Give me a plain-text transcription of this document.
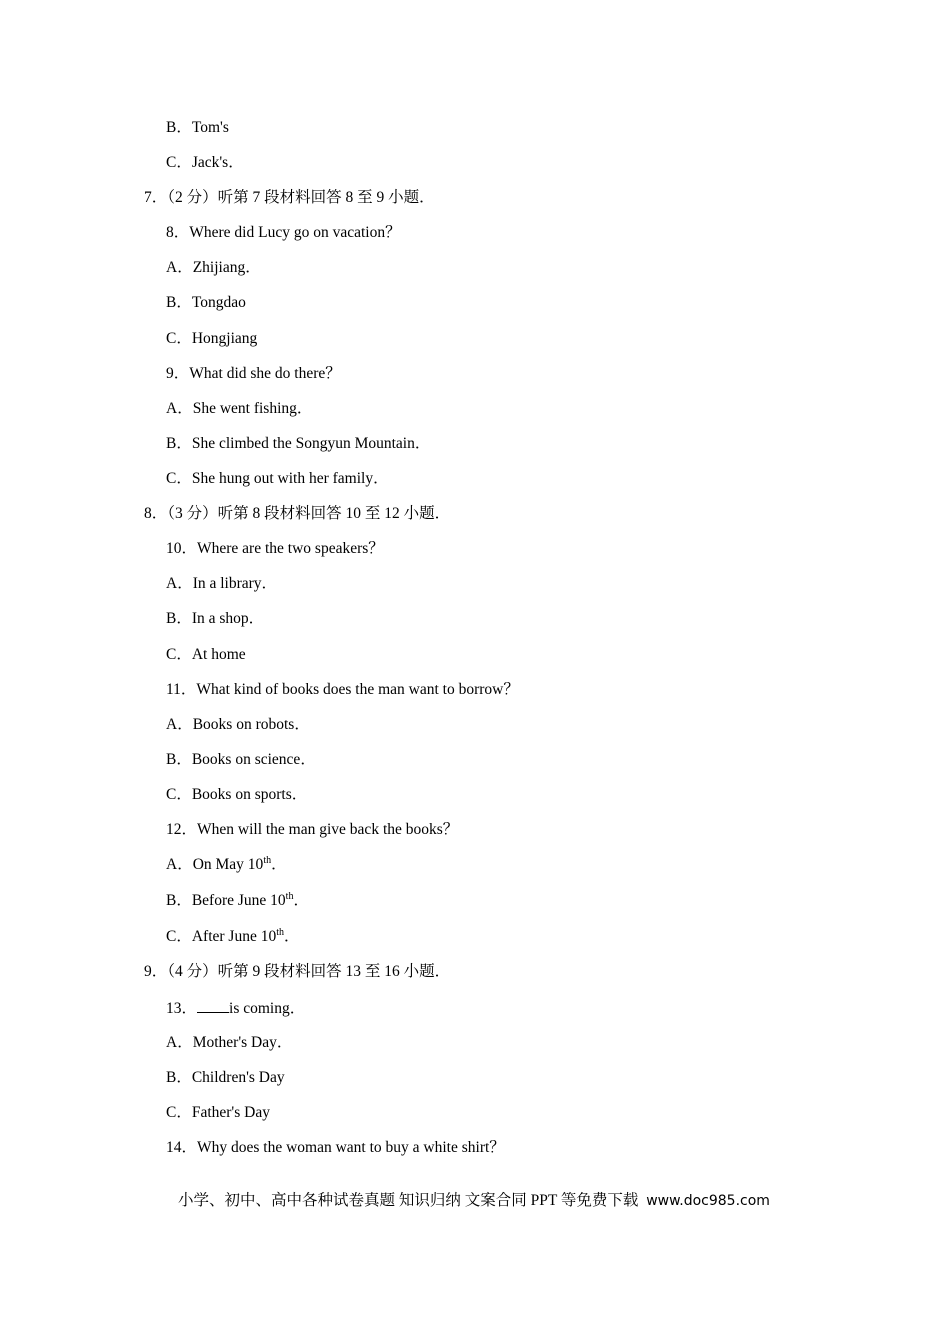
B．Tom's
C．Jack's．
7．（2 分）听第 7 段材料回答 8 至 9 小题．
8．Where did Lucy go on vacation？
A．Zhijiang．
B．Tongdao
C．Hongjiang
9．What did she do there？
A．She went fishing．
B．She climbed the Songyun Mountain．
C．She hung out with her family．
8．（3 分）听第 8 段材料回答 10 至 12 小题．
10．Where are the two speakers？
A．In a library．
B．In a shop．
C．At home
11．What kind of books does the man want to borrow？
A．Books on robots．
B．Books on science．
C．Books on sports．
12．When will the man give back the books？
A．On May 10th．
B．Before June 10th．
C．After June 10th．
9．（4 分）听第 9 段材料回答 13 至 16 小题．
13． is coming．
A．Mother's Day．
B．Children's Day
C．Father's Day
14．Why does the woman want to buy a white shirt？
小学、初中、高中各种试卷真题 知识归纳 文案合同 PPT 等免费下载 www.doc985.com
